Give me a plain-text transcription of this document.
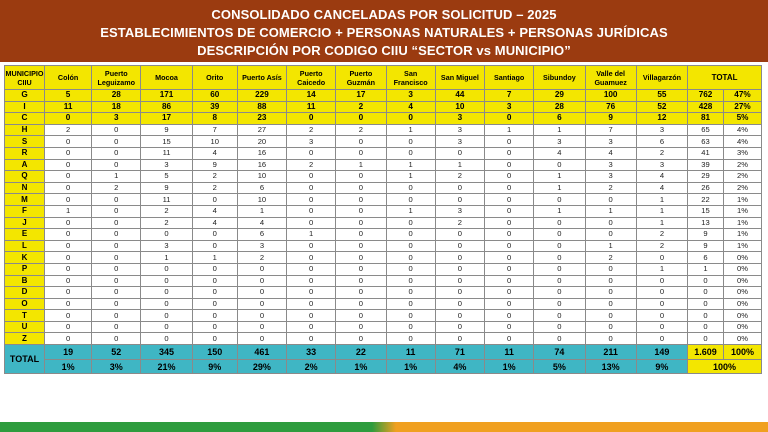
CONSOLIDADO CANCELADAS POR SOLICITUD – 2025
ESTABLECIMIENTOS DE COMERCIO + PERSONAS NATURALES + PERSONAS JURÍDICAS
DESCRIPCIÓN POR CODIGO CIIU “SECTOR vs MUNICIPIO”
MUNICIPIO CIIU	Colón	Puerto Leguizamo	Mocoa	Orito	Puerto Asís	Puerto Caicedo	Puerto Guzmán	San Francisco	San Miguel	Santiago	Sibundoy	Valle del Guamuez	Villagarzón	TOTAL	
G	5	28	171	60	229	14	17	3	44	7	29	100	55	762	47%
I	11	18	86	39	88	11	2	4	10	3	28	76	52	428	27%
C	0	3	17	8	23	0	0	0	3	0	6	9	12	81	5%
H	2	0	9	7	27	2	2	1	3	1	1	7	3	65	4%
S	0	0	15	10	20	3	0	0	3	0	3	3	6	63	4%
R	0	0	11	4	16	0	0	0	0	0	4	4	2	41	3%
A	0	0	3	9	16	2	1	1	1	0	0	3	3	39	2%
Q	0	1	5	2	10	0	0	1	2	0	1	3	4	29	2%
N	0	2	9	2	6	0	0	0	0	0	1	2	4	26	2%
M	0	0	11	0	10	0	0	0	0	0	0	0	1	22	1%
F	1	0	2	4	1	0	0	1	3	0	1	1	1	15	1%
J	0	0	2	4	4	0	0	0	2	0	0	0	1	13	1%
E	0	0	0	0	6	1	0	0	0	0	0	0	2	9	1%
L	0	0	3	0	3	0	0	0	0	0	0	1	2	9	1%
K	0	0	1	1	2	0	0	0	0	0	0	2	0	6	0%
P	0	0	0	0	0	0	0	0	0	0	0	0	1	1	0%
B	0	0	0	0	0	0	0	0	0	0	0	0	0	0	0%
D	0	0	0	0	0	0	0	0	0	0	0	0	0	0	0%
O	0	0	0	0	0	0	0	0	0	0	0	0	0	0	0%
T	0	0	0	0	0	0	0	0	0	0	0	0	0	0	0%
U	0	0	0	0	0	0	0	0	0	0	0	0	0	0	0%
Z	0	0	0	0	0	0	0	0	0	0	0	0	0	0	0%
TOTAL	19	52	345	150	461	33	22	11	71	11	74	211	149	1.609	100%
	1%	3%	21%	9%	29%	2%	1%	1%	4%	1%	5%	13%	9%	100%	
